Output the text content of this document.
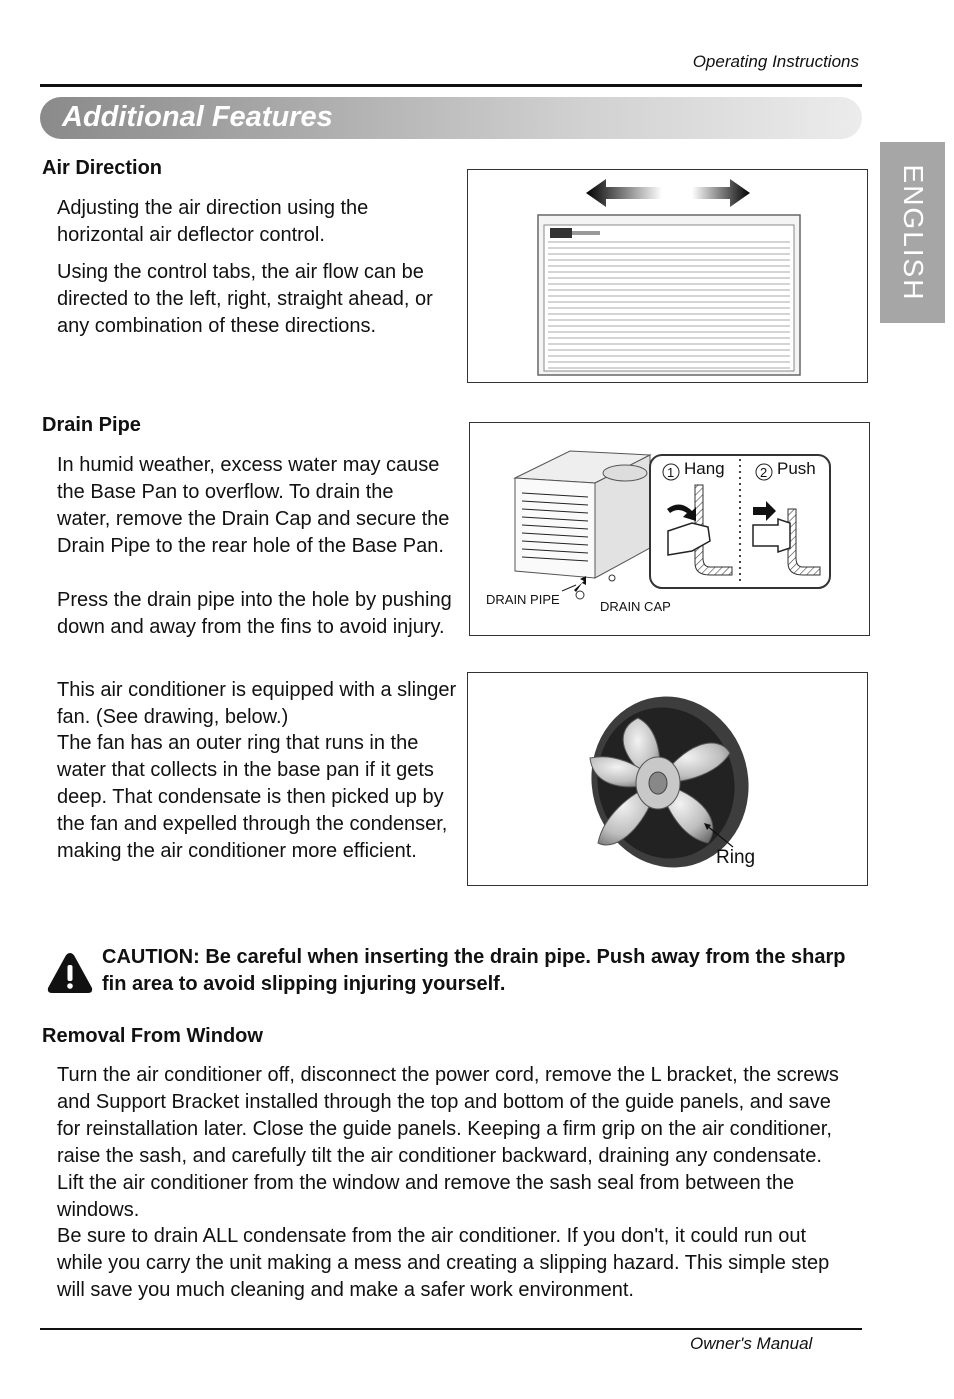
Operating Instructions
Additional Features
ENGLISH
Air Direction

Adjusting the air direction using the horizontal air deflector control.

Using the control tabs, the air flow can be directed to the left, right, straight ahead, or any combination of these directions.

Drain Pipe

In humid weather, excess water may cause the Base Pan to overflow. To drain the water, remove the Drain Cap and secure the Drain Pipe to the rear hole of the Base Pan.

Press the drain pipe into the hole by pushing down and away from the fins to avoid injury.

DRAIN PIPE	DRAIN CAP
1 Hang	2 Push

This air conditioner is equipped with a slinger fan. (See drawing, below.)

The fan has an outer ring that runs in the water that collects in the base pan if it gets deep. That condensate is then picked up by the fan and expelled through the condenser, making the air conditioner more efficient.	Ring
CAUTION: Be careful when inserting the drain pipe. Push away from the sharp fin area to avoid slipping injuring yourself.
Removal From Window

Turn the air conditioner off, disconnect the power cord, remove the L bracket, the screws and Support Bracket installed through the top and bottom of the guide panels, and save for reinstallation later. Close the guide panels. Keeping a firm grip on the air conditioner, raise the sash, and carefully tilt the air conditioner backward, draining any condensate. Lift the air conditioner from the window and remove the sash seal from between the windows.

Be sure to drain ALL condensate from the air conditioner. If you don't, it could run out while you carry the unit making a mess and creating a slipping hazard. This simple step will save you much cleaning and make a safer work environment.

Owner's Manual
